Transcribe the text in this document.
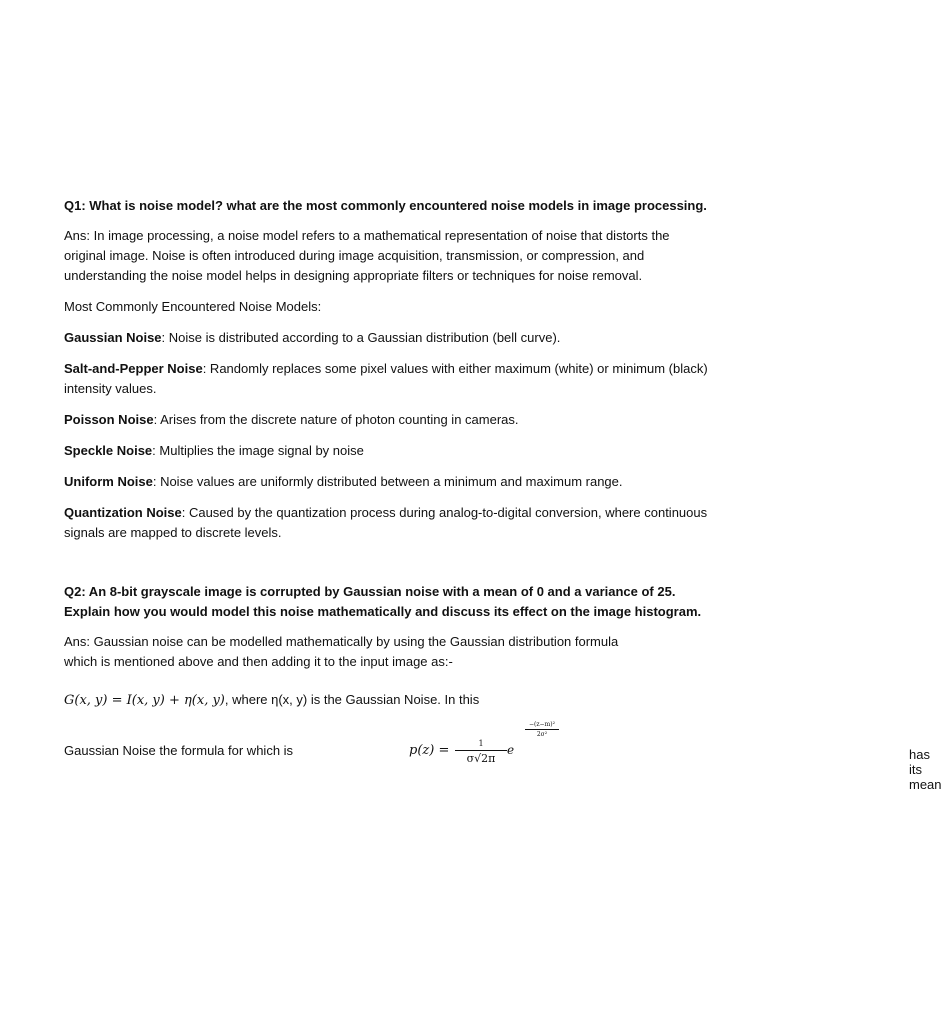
Q1: What is noise model? what are the most commonly encountered noise models in image processing.

Ans: In image processing, a noise model refers to a mathematical representation of noise that distorts the original image. Noise is often introduced during image acquisition, transmission, or compression, and understanding the noise model helps in designing appropriate filters or techniques for noise removal.

Most Commonly Encountered Noise Models:

Gaussian Noise: Noise is distributed according to a Gaussian distribution (bell curve).

Salt-and-Pepper Noise: Randomly replaces some pixel values with either maximum (white) or minimum (black) intensity values.

Poisson Noise: Arises from the discrete nature of photon counting in cameras.

Speckle Noise: Multiplies the image signal by noise

Uniform Noise: Noise values are uniformly distributed between a minimum and maximum range.

Quantization Noise: Caused by the quantization process during analog-to-digital conversion, where continuous signals are mapped to discrete levels.

Q2: An 8-bit grayscale image is corrupted by Gaussian noise with a mean of 0 and a variance of 25. Explain how you would model this noise mathematically and discuss its effect on the image histogram.

Ans: Gaussian noise can be modelled mathematically by using the Gaussian distribution formula

which is mentioned above and then adding it to the input image as:-

G(x, y) = I(x, y) + η(x, y), where η(x, y) is the Gaussian Noise. In this
Gaussian Noise the formula for which is	p(z) =	1
σ√2π
e
−(z−m)²
2σ²
has its mean
